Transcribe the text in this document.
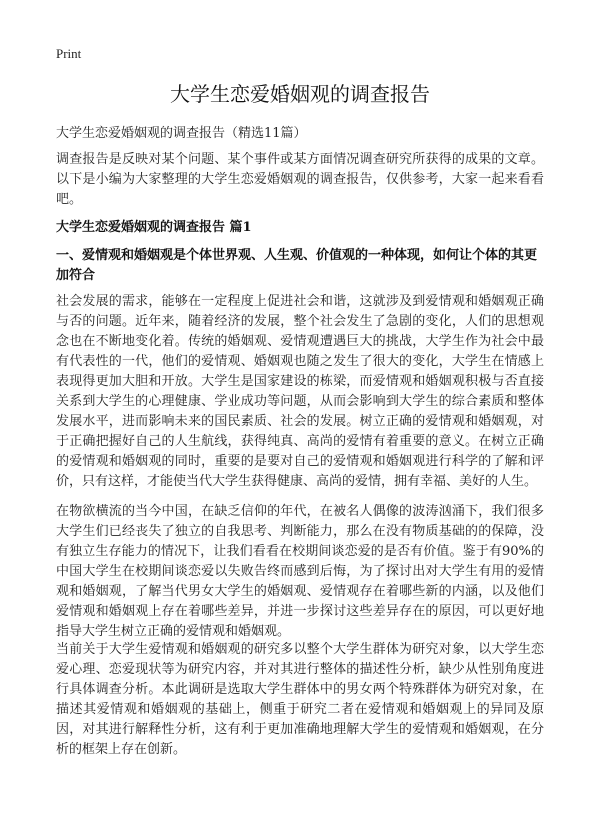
Print
大学生恋爱婚姻观的调查报告
大学生恋爱婚姻观的调查报告（精选11篇）

调查报告是反映对某个问题、某个事件或某方面情况调查研究所获得的成果的文章。以下是小编为大家整理的大学生恋爱婚姻观的调查报告，仅供参考，大家一起来看看吧。

大学生恋爱婚姻观的调查报告 篇1
一、爱情观和婚姻观是个体世界观、人生观、价值观的一种体现，如何让个体的其更加符合

社会发展的需求，能够在一定程度上促进社会和谐，这就涉及到爱情观和婚姻观正确与否的问题。近年来，随着经济的发展，整个社会发生了急剧的变化，人们的思想观念也在不断地变化着。传统的婚姻观、爱情观遭遇巨大的挑战，大学生作为社会中最有代表性的一代，他们的爱情观、婚姻观也随之发生了很大的变化，大学生在情感上表现得更加大胆和开放。大学生是国家建设的栋梁，而爱情观和婚姻观积极与否直接关系到大学生的心理健康、学业成功等问题，从而会影响到大学生的综合素质和整体发展水平，进而影响未来的国民素质、社会的发展。树立正确的爱情观和婚姻观，对于正确把握好自己的人生航线，获得纯真、高尚的爱情有着重要的意义。在树立正确的爱情观和婚姻观的同时，重要的是要对自己的爱情观和婚姻观进行科学的了解和评价，只有这样，才能使当代大学生获得健康、高尚的爱情，拥有幸福、美好的人生。

在物欲横流的当今中国，在缺乏信仰的年代，在被名人偶像的波涛汹涌下，我们很多大学生们已经丧失了独立的自我思考、判断能力，那么在没有物质基础的的保障，没有独立生存能力的情况下，让我们看看在校期间谈恋爱的是否有价值。鉴于有90%的中国大学生在校期间谈恋爱以失败告终而感到后悔，为了探讨出对大学生有用的爱情观和婚姻观，了解当代男女大学生的婚姻观、爱情观存在着哪些新的内涵，以及他们爱情观和婚姻观上存在着哪些差异，并进一步探讨这些差异存在的原因，可以更好地指导大学生树立正确的爱情观和婚姻观。

当前关于大学生爱情观和婚姻观的研究多以整个大学生群体为研究对象，以大学生恋爱心理、恋爱现状等为研究内容，并对其进行整体的描述性分析，缺少从性别角度进行具体调查分析。本此调研是选取大学生群体中的男女两个特殊群体为研究对象，在描述其爱情观和婚姻观的基础上，侧重于研究二者在爱情观和婚姻观上的异同及原因，对其进行解释性分析，这有利于更加准确地理解大学生的爱情观和婚姻观，在分析的框架上存在创新。
